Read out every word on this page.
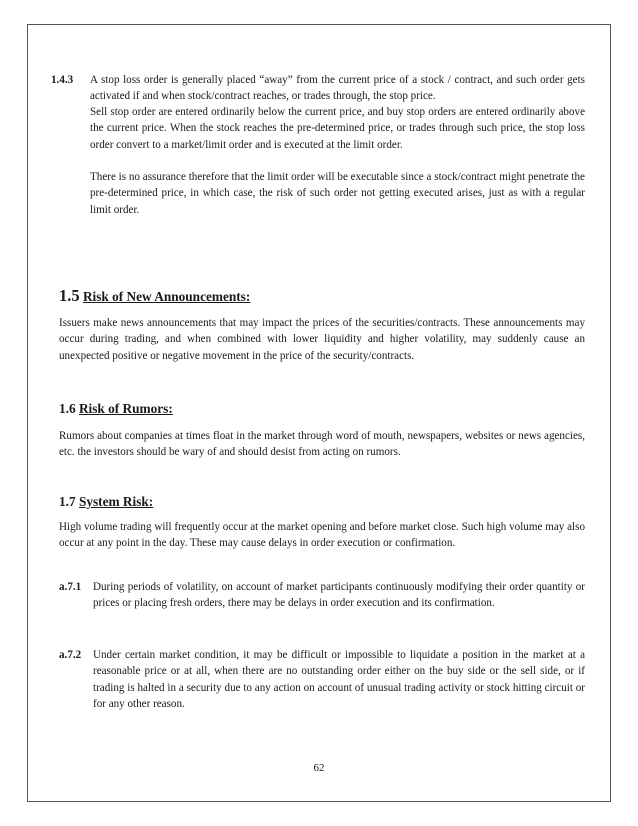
1.4.3 A stop loss order is generally placed “away” from the current price of a stock / contract, and such order gets activated if and when stock/contract reaches, or trades through, the stop price.

Sell stop order are entered ordinarily below the current price, and buy stop orders are entered ordinarily above the current price. When the stock reaches the pre-determined price, or trades through such price, the stop loss order convert to a market/limit order and is executed at the limit order.

There is no assurance therefore that the limit order will be executable since a stock/contract might penetrate the pre-determined price, in which case, the risk of such order not getting executed arises, just as with a regular limit order.

1.5 Risk of New Announcements:

Issuers make news announcements that may impact the prices of the securities/contracts. These announcements may occur during trading, and when combined with lower liquidity and higher volatility, may suddenly cause an unexpected positive or negative movement in the price of the security/contracts.

1.6 Risk of Rumors:

Rumors about companies at times float in the market through word of mouth, newspapers, websites or news agencies, etc. the investors should be wary of and should desist from acting on rumors.

1.7 System Risk:

High volume trading will frequently occur at the market opening and before market close. Such high volume may also occur at any point in the day. These may cause delays in order execution or confirmation.

a.7.1 During periods of volatility, on account of market participants continuously modifying their order quantity or prices or placing fresh orders, there may be delays in order execution and its confirmation.

a.7.2 Under certain market condition, it may be difficult or impossible to liquidate a position in the market at a reasonable price or at all, when there are no outstanding order either on the buy side or the sell side, or if trading is halted in a security due to any action on account of unusual trading activity or stock hitting circuit or for any other reason.

62
